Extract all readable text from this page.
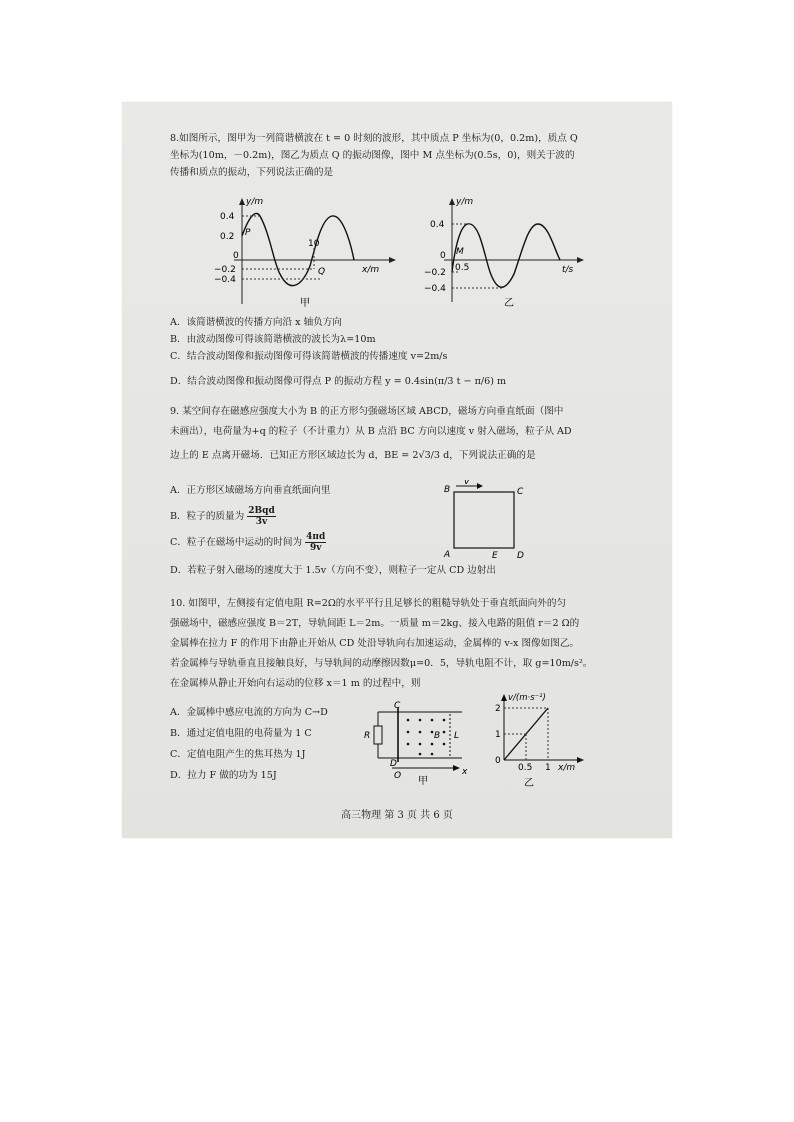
8.如图所示，图甲为一列简谐横波在 t = 0 时刻的波形，其中质点 P 坐标为(0，0.2m)，质点 Q
坐标为(10m，－0.2m)，图乙为质点 Q 的振动图像，图中 M 点坐标为(0.5s，0)，则关于波的
传播和质点的振动，下列说法正确的是
y/m
x/m
0.4
0.2
0
−0.2
−0.4
10
P
Q
甲
y/m
t/s
0.4
M
0
0.5
−0.2
−0.4
乙
A．该简谐横波的传播方向沿 x 轴负方向
B．由波动图像可得该简谐横波的波长为λ=10m
C．结合波动图像和振动图像可得该简谐横波的传播速度 v=2m/s
D．结合波动图像和振动图像可得点 P 的振动方程 y = 0.4sin(π/3 t − π/6) m
9. 某空间存在磁感应强度大小为 B 的正方形匀强磁场区域 ABCD，磁场方向垂直纸面（图中
未画出），电荷量为+q 的粒子（不计重力）从 B 点沿 BC 方向以速度 v 射入磁场，粒子从 AD
边上的 E 点离开磁场．已知正方形区域边长为 d，BE = 2√3/3 d，下列说法正确的是
A．正方形区域磁场方向垂直纸面向里
B．粒子的质量为 $\frac{\text{2Bqd}}{3v}$
C．粒子在磁场中运动的时间为 $\frac{4\pi d}{9v}$
D．若粒子射入磁场的速度大于 1.5v（方向不变），则粒子一定从 CD 边射出
B
v
C
A	E D
10. 如图甲，左侧接有定值电阻 R=2Ω的水平平行且足够长的粗糙导轨处于垂直纸面向外的匀
强磁场中，磁感应强度 B＝2T，导轨间距 L＝2m。一质量 m＝2kg、接入电路的阻值 r＝2 Ω的
金属棒在拉力 F 的作用下由静止开始从 CD 处沿导轨向右加速运动，金属棒的 v-x 图像如图乙。
若金属棒与导轨垂直且接触良好，与导轨间的动摩擦因数μ=0．5，导轨电阻不计，取 g=10m/s²。
在金属棒从静止开始向右运动的位移 x＝1 m 的过程中，则
A．金属棒中感应电流的方向为 C→D
B．通过定值电阻的电荷量为 1 C
C．定值电阻产生的焦耳热为 1J
D．拉力 F 做的功为 15J
C
D
R	B L
O	x
甲
v/(m·s⁻¹)
2
1
0
0.5 1 x/m
乙
高三物理 第 3 页 共 6 页
